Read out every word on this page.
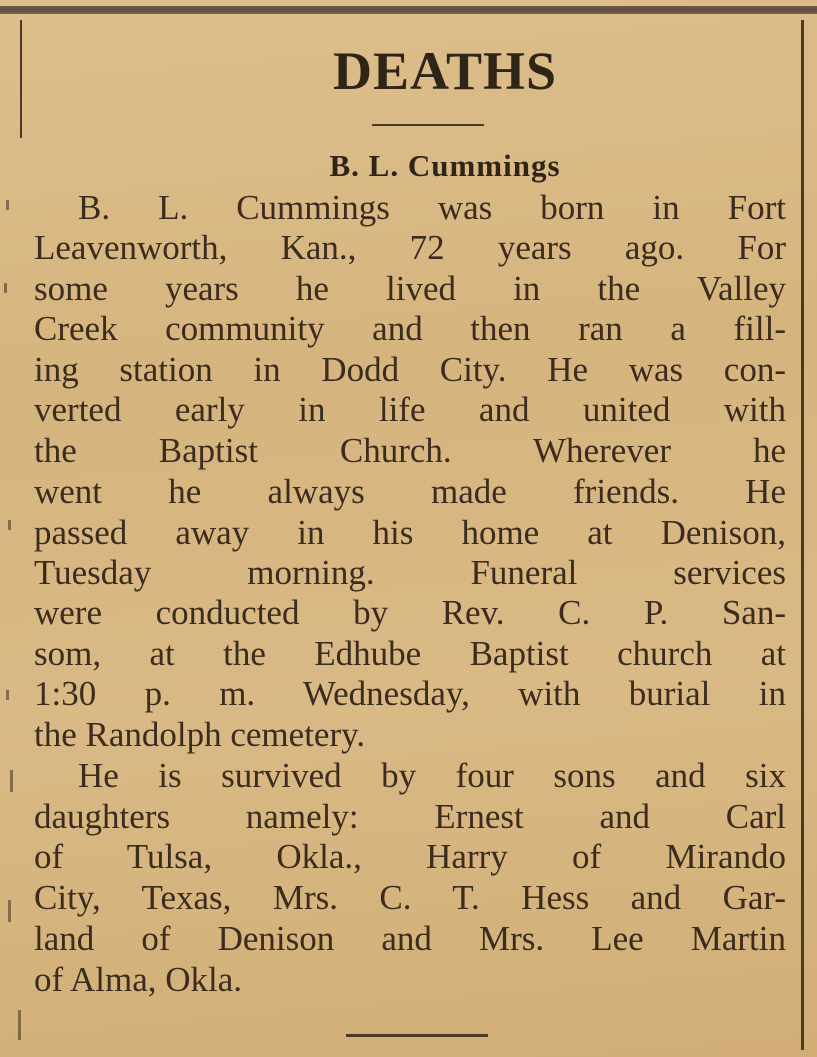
DEATHS
B. L. Cummings
B. L. Cummings was born in Fort
Leavenworth, Kan., 72 years ago. For
some years he lived in the Valley
Creek community and then ran a fill-
ing station in Dodd City. He was con-
verted early in life and united with
the Baptist Church. Wherever he
went he always made friends. He
passed away in his home at Denison,
Tuesday morning. Funeral services
were conducted by Rev. C. P. San-
som, at the Edhube Baptist church at
1:30 p. m. Wednesday, with burial in
the Randolph cemetery.
He is survived by four sons and six
daughters namely: Ernest and Carl
of Tulsa, Okla., Harry of Mirando
City, Texas, Mrs. C. T. Hess and Gar-
land of Denison and Mrs. Lee Martin
of Alma, Okla.
